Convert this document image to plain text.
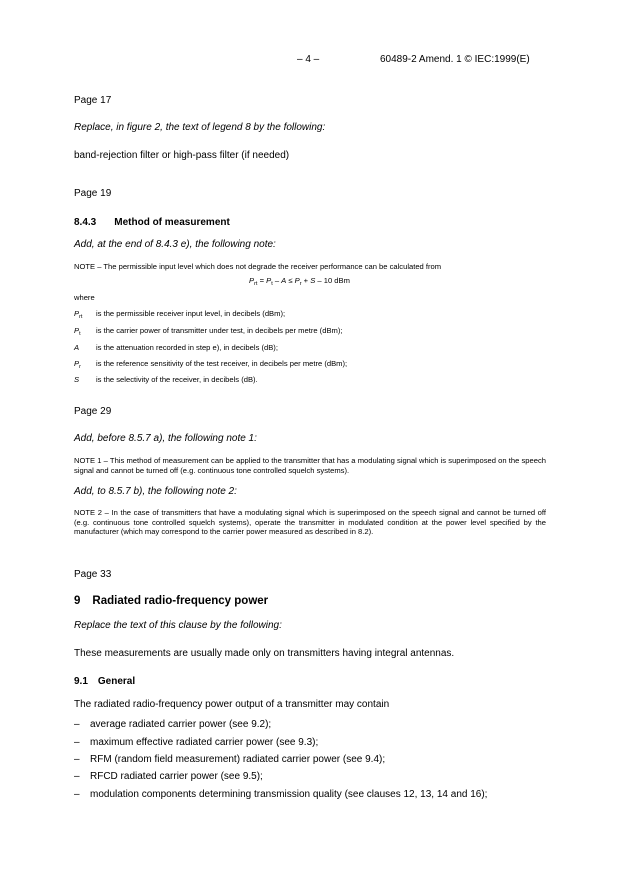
– 4 –	60489-2 Amend. 1 © IEC:1999(E)
Page 17
Replace, in figure 2, the text of legend 8 by the following:
band-rejection filter or high-pass filter (if needed)
Page 19
8.4.3 Method of measurement
Add, at the end of 8.4.3 e), the following note:
NOTE – The permissible input level which does not degrade the receiver performance can be calculated from
$P_{rt} = P_t - A \le P_r + S - 10$ dBm
where
$P_{rt}$ is the permissible receiver input level, in decibels (dBm);
$P_t$ is the carrier power of transmitter under test, in decibels per metre (dBm);
A is the attenuation recorded in step e), in decibels (dB);
$P_r$ is the reference sensitivity of the test receiver, in decibels per metre (dBm);
S is the selectivity of the receiver, in decibels (dB).
Page 29
Add, before 8.5.7 a), the following note 1:
NOTE 1 – This method of measurement can be applied to the transmitter that has a modulating signal which is superimposed on the speech signal and cannot be turned off (e.g. continuous tone controlled squelch systems).
Add, to 8.5.7 b), the following note 2:
NOTE 2 – In the case of transmitters that have a modulating signal which is superimposed on the speech signal and cannot be turned off (e.g. continuous tone controlled squelch systems), operate the transmitter in modulated condition at the power level specified by the manufacturer (which may correspond to the carrier power measured as described in 8.2).
Page 33
9 Radiated radio-frequency power
Replace the text of this clause by the following:
These measurements are usually made only on transmitters having integral antennas.
9.1 General
The radiated radio-frequency power output of a transmitter may contain
– average radiated carrier power (see 9.2);
– maximum effective radiated carrier power (see 9.3);
– RFM (random field measurement) radiated carrier power (see 9.4);
– RFCD radiated carrier power (see 9.5);
– modulation components determining transmission quality (see clauses 12, 13, 14 and 16);
